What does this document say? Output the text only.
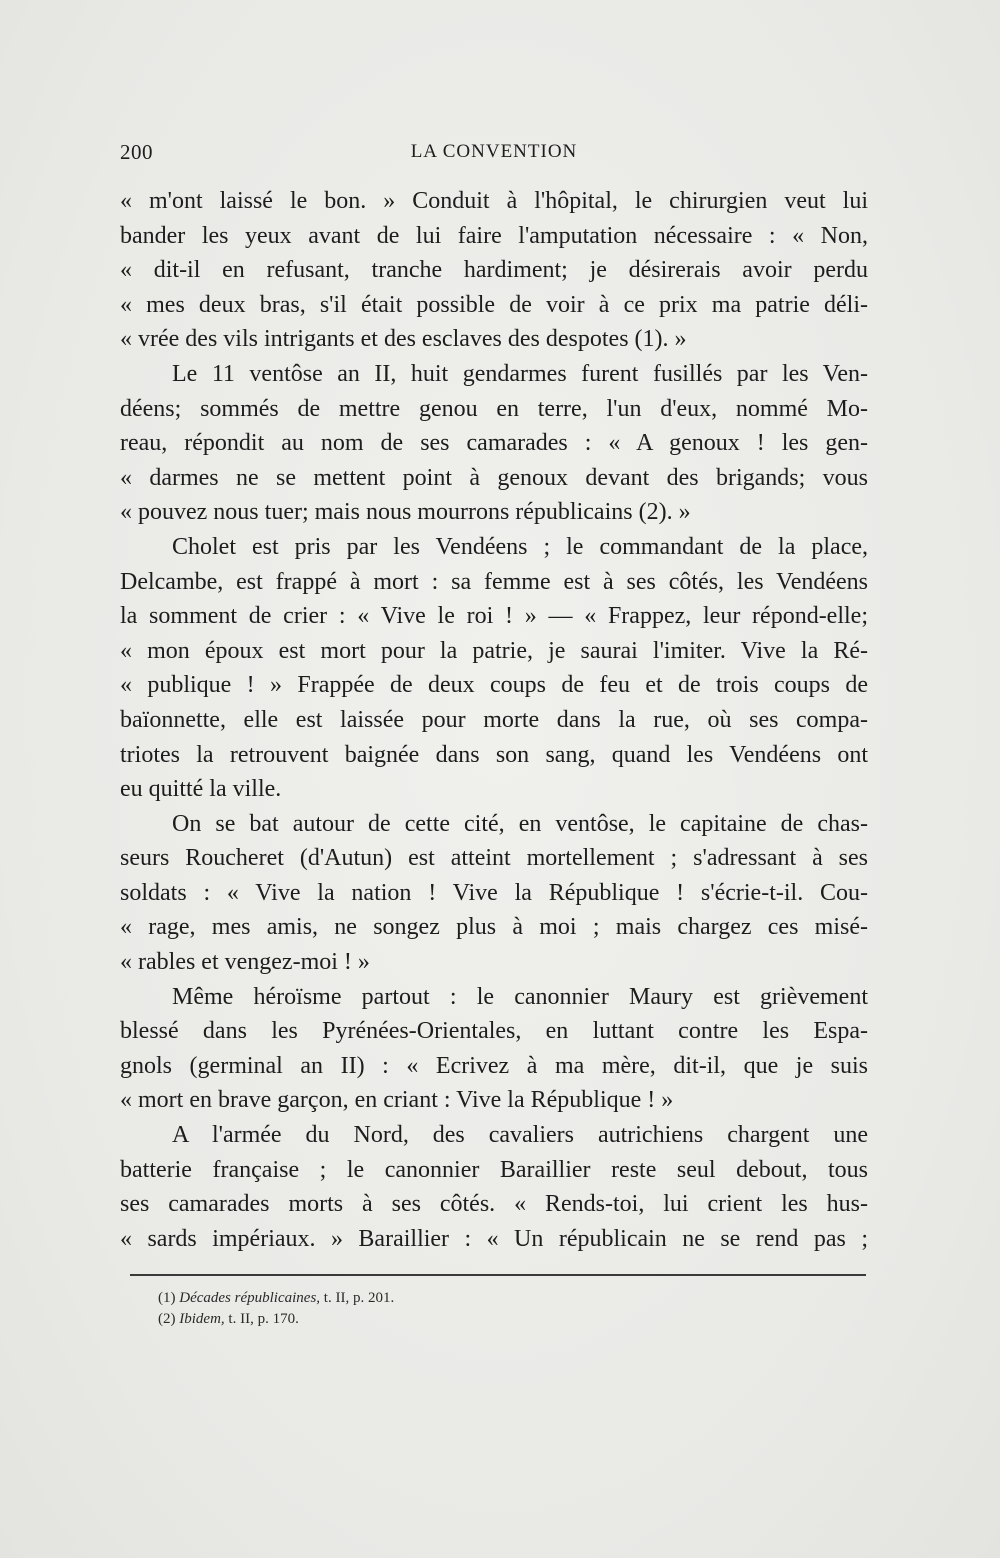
200	LA CONVENTION
« m'ont laissé le bon. » Conduit à l'hôpital, le chirurgien veut lui
bander les yeux avant de lui faire l'amputation nécessaire : « Non,
« dit-il en refusant, tranche hardiment; je désirerais avoir perdu
« mes deux bras, s'il était possible de voir à ce prix ma patrie déli-
« vrée des vils intrigants et des esclaves des despotes (1). »
Le 11 ventôse an II, huit gendarmes furent fusillés par les Ven-
déens; sommés de mettre genou en terre, l'un d'eux, nommé Mo-
reau, répondit au nom de ses camarades : « A genoux ! les gen-
« darmes ne se mettent point à genoux devant des brigands; vous
« pouvez nous tuer; mais nous mourrons républicains (2). »
Cholet est pris par les Vendéens ; le commandant de la place,
Delcambe, est frappé à mort : sa femme est à ses côtés, les Vendéens
la somment de crier : « Vive le roi ! » — « Frappez, leur répond-elle;
« mon époux est mort pour la patrie, je saurai l'imiter. Vive la Ré-
« publique ! » Frappée de deux coups de feu et de trois coups de
baïonnette, elle est laissée pour morte dans la rue, où ses compa-
triotes la retrouvent baignée dans son sang, quand les Vendéens ont
eu quitté la ville.
On se bat autour de cette cité, en ventôse, le capitaine de chas-
seurs Roucheret (d'Autun) est atteint mortellement ; s'adressant à ses
soldats : « Vive la nation ! Vive la République ! s'écrie-t-il. Cou-
« rage, mes amis, ne songez plus à moi ; mais chargez ces misé-
« rables et vengez-moi ! »
Même héroïsme partout : le canonnier Maury est grièvement
blessé dans les Pyrénées-Orientales, en luttant contre les Espa-
gnols (germinal an II) : « Ecrivez à ma mère, dit-il, que je suis
« mort en brave garçon, en criant : Vive la République ! »
A l'armée du Nord, des cavaliers autrichiens chargent une
batterie française ; le canonnier Baraillier reste seul debout, tous
ses camarades morts à ses côtés. « Rends-toi, lui crient les hus-
« sards impériaux. » Baraillier : « Un républicain ne se rend pas ;
(1) Décades républicaines, t. II, p. 201.
(2) Ibidem, t. II, p. 170.
